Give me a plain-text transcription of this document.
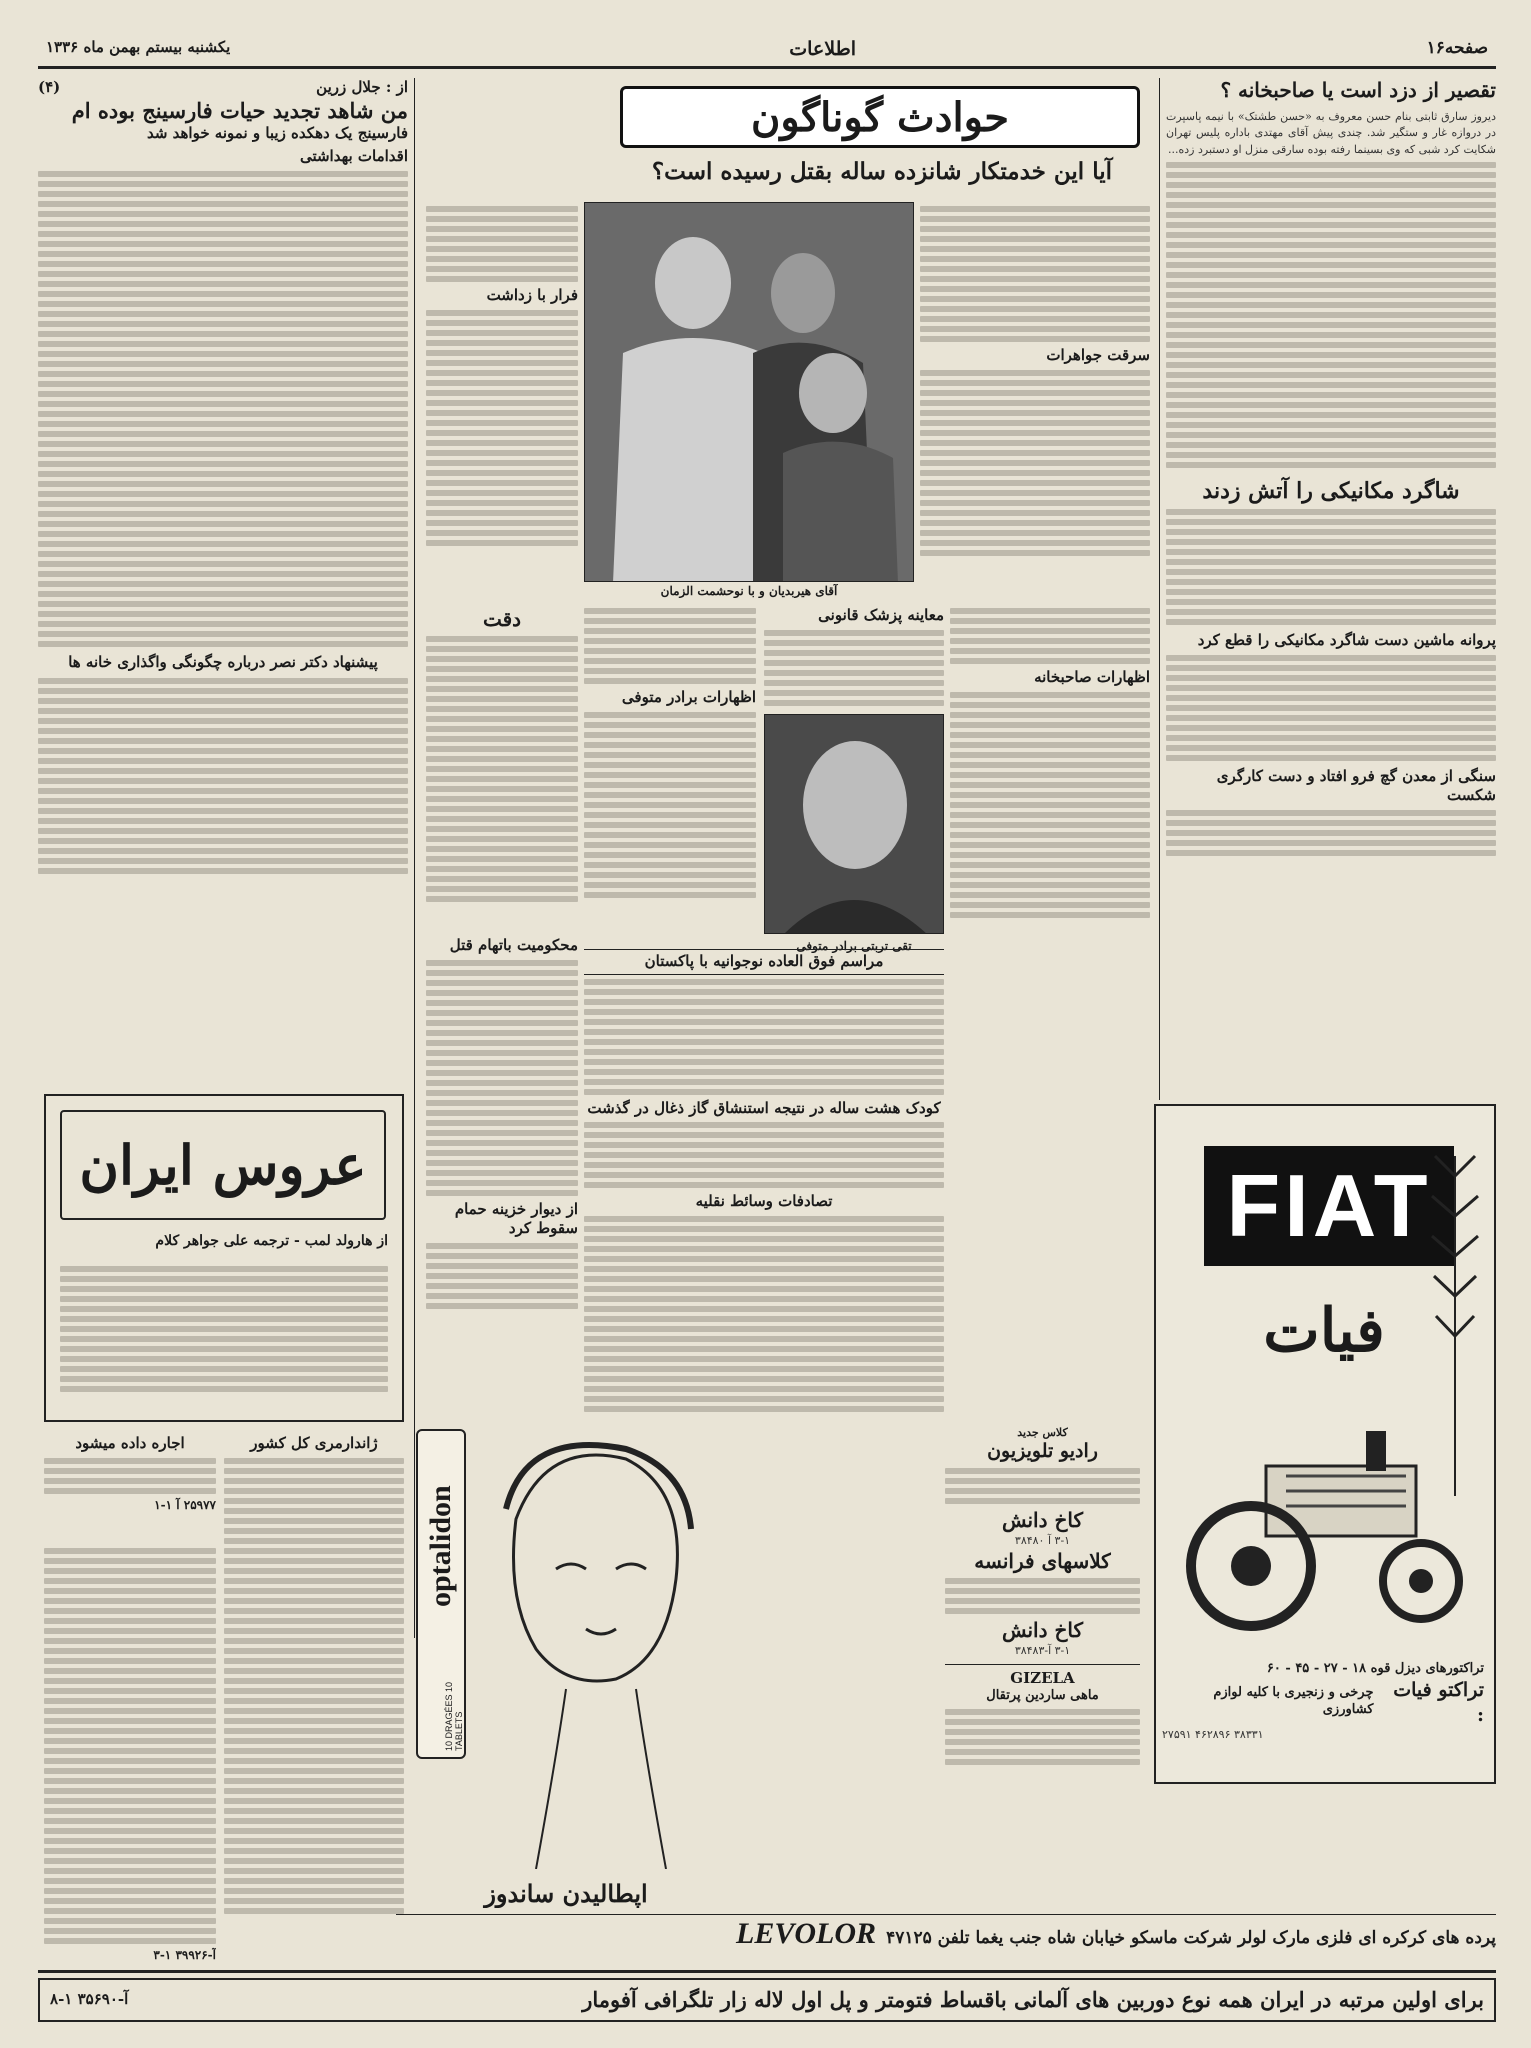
صفحه۱۶
اطلاعات
یکشنبه بیستم بهمن ماه ۱۳۳۶
تقصیر از دزد است یا صاحبخانه ؟
دیروز سارق ثابتی بنام حسن معروف به «حسن طشتک» با نیمه پاسپرت در دروازه غار و ستگیر شد. چندی پیش آقای مهتدی باداره پلیس تهران شکایت کرد شبی که وی بسینما رفته بوده سارقی منزل او دستبرد زده...
شاگرد مکانیکی را آتش زدند
پروانه ماشین دست شاگرد مکانیکی را قطع کرد
سنگی از معدن گچ فرو افتاد و دست کارگری شکست
حوادث گوناگون
آیا این خدمتکار شانزده ساله بقتل رسیده است؟
سرقت جواهرات
آقای هیربدیان و با نوحشمت الزمان
فرار با زداشت
اظهارات صاحبخانه
معاینه پزشک قانونی
اظهارات برادر متوفی
دقت
تقی تربتی برادر متوفی
مراسم فوق العاده نوجوانیه با پاکستان
کودک هشت ساله در نتیجه استنشاق گاز ذغال در گذشت
تصادفات وسائط نقلیه
محکومیت باتهام قتل
از دیوار خزینه حمام سقوط کرد
از : جلال زرین
(۴)
من شاهد تجدید حیات فارسینج بوده ام
فارسینج یک دهکده زیبا و نمونه خواهد شد
اقدامات بهداشتی
پیشنهاد دکتر نصر درباره چگونگی واگذاری خانه ها
عروس ایران
از هارولد لمب - ترجمه علی جواهر کلام
ژاندارمری کل کشور
اجاره داده میشود
۲۵۹۷۷ آ ۱-۱
آ-۳۹۹۲۶ ۱-۳
FIAT
فیات
تراکتورهای دیزل قوه ۱۸ - ۲۷ - ۴۵ - ۶۰
تراکتو فیات :
چرخی و زنجیری با کلیه لوازم کشاورزی
۳۸۳۳۱ ۴۶۲۸۹۶ ۲۷۵۹۱
optalidon
10 DRAGÉES 10 TABLETS
اپطالیدن ساندوز
کلاس جدید
رادیو تلویزیون
کاخ دانش
۳-۱ آ ۳۸۴۸۰
کلاسهای فرانسه
کاخ دانش
۳-۱ آ-۳۸۴۸۳
GIZELA
ماهی ساردین پرتقال
پرده های کرکره ای فلزی مارک لولر شرکت ماسکو خیابان شاه جنب یغما تلفن ۴۷۱۲۵
LEVOLOR
برای اولین مرتبه در ایران همه نوع دوربین های آلمانی باقساط فتومتر و پل اول لاله زار تلگرافی آفومار
آ-۳۵۶۹۰ ۱-۸
